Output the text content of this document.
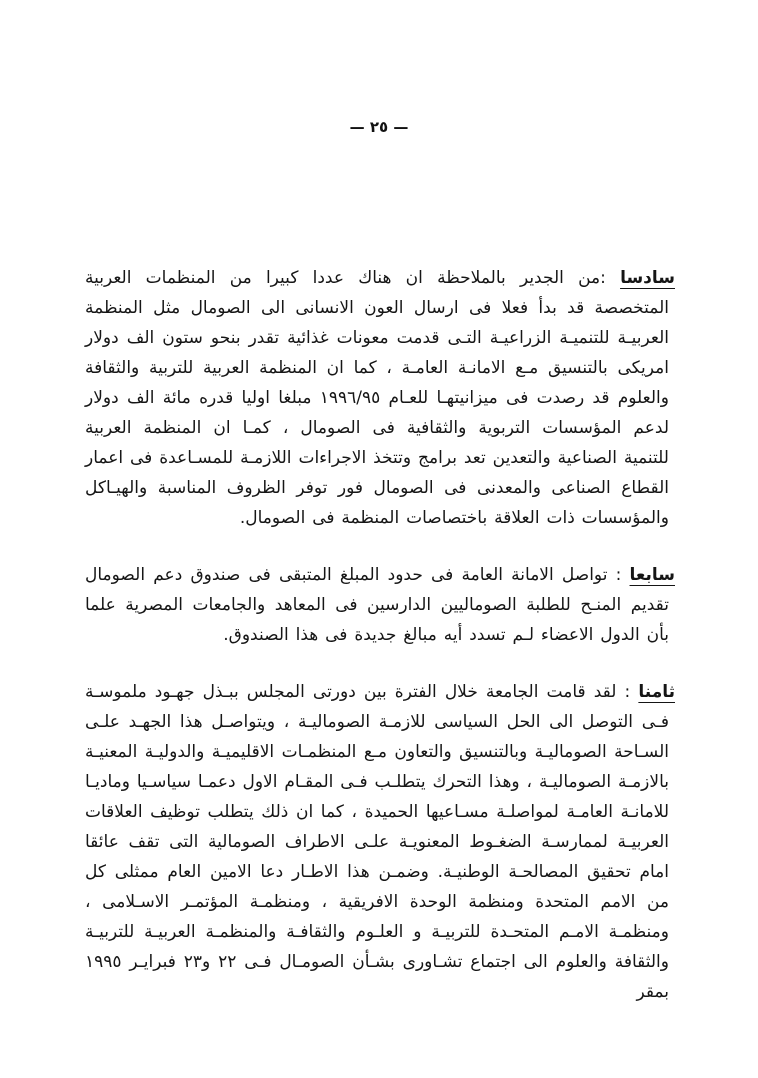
— ٢٥ —

سادسا :من الجدير بالملاحظة ان هناك عددا كبيرا من المنظمات العربية المتخصصة قد بدأ فعلا فى ارسال العون الانسانى الى الصومال مثل المنظمة العربيـة للتنميـة الزراعيـة التـى قدمت معونات غذائية تقدر بنحو ستون الف دولار امريكى بالتنسيق مـع الامانـة العامـة ، كما ان المنظمة العربية للتربية والثقافة والعلوم قد رصدت فى ميزانيتهـا للعـام ١٩٩٦/٩٥ مبلغا اوليا قدره مائة الف دولار لدعم المؤسسات التربوية والثقافية فى الصومال ، كمـا ان المنظمة العربية للتنمية الصناعية والتعدين تعد برامج وتتخذ الاجراءات اللازمـة للمسـاعدة فى اعمار القطاع الصناعى والمعدنى فى الصومال فور توفر الظروف المناسبة والهيـاكل والمؤسسات ذات العلاقة باختصاصات المنظمة فى الصومال.

سابعا : تواصل الامانة العامة فى حدود المبلغ المتبقى فى صندوق دعم الصومال تقديم المنـح للطلبة الصوماليين الدارسين فى المعاهد والجامعات المصرية علما بأن الدول الاعضاء لـم تسدد أيه مبالغ جديدة فى هذا الصندوق.

ثامنا : لقد قامت الجامعة خلال الفترة بين دورتى المجلس ببـذل جهـود ملموسـة فـى التوصل الى الحل السياسى للازمـة الصوماليـة ، ويتواصـل هذا الجهـد علـى السـاحة الصوماليـة وبالتنسيق والتعاون مـع المنظمـات الاقليميـة والدوليـة المعنيـة بالازمـة الصوماليـة ، وهذا التحرك يتطلـب فـى المقـام الاول دعمـا سياسـيا وماديـا للامانـة العامـة لمواصلـة مسـاعيها الحميدة ، كما ان ذلك يتطلب توظيف العلاقات العربيـة لممارسـة الضغـوط المعنويـة علـى الاطراف الصومالية التى تقف عائقا امام تحقيق المصالحـة الوطنيـة. وضمـن هذا الاطـار دعا الامين العام ممثلى كل من الامم المتحدة ومنظمة الوحدة الافريقية ، ومنظمـة المؤتمـر الاسـلامى ، ومنظمـة الامـم المتحـدة للتربيـة و العلـوم والثقافـة والمنظمـة العربيـة للتربيـة والثقافة والعلوم الى اجتماع تشـاورى بشـأن الصومـال فـى ٢٢ و٢٣ فبرايـر ١٩٩٥ بمقر
